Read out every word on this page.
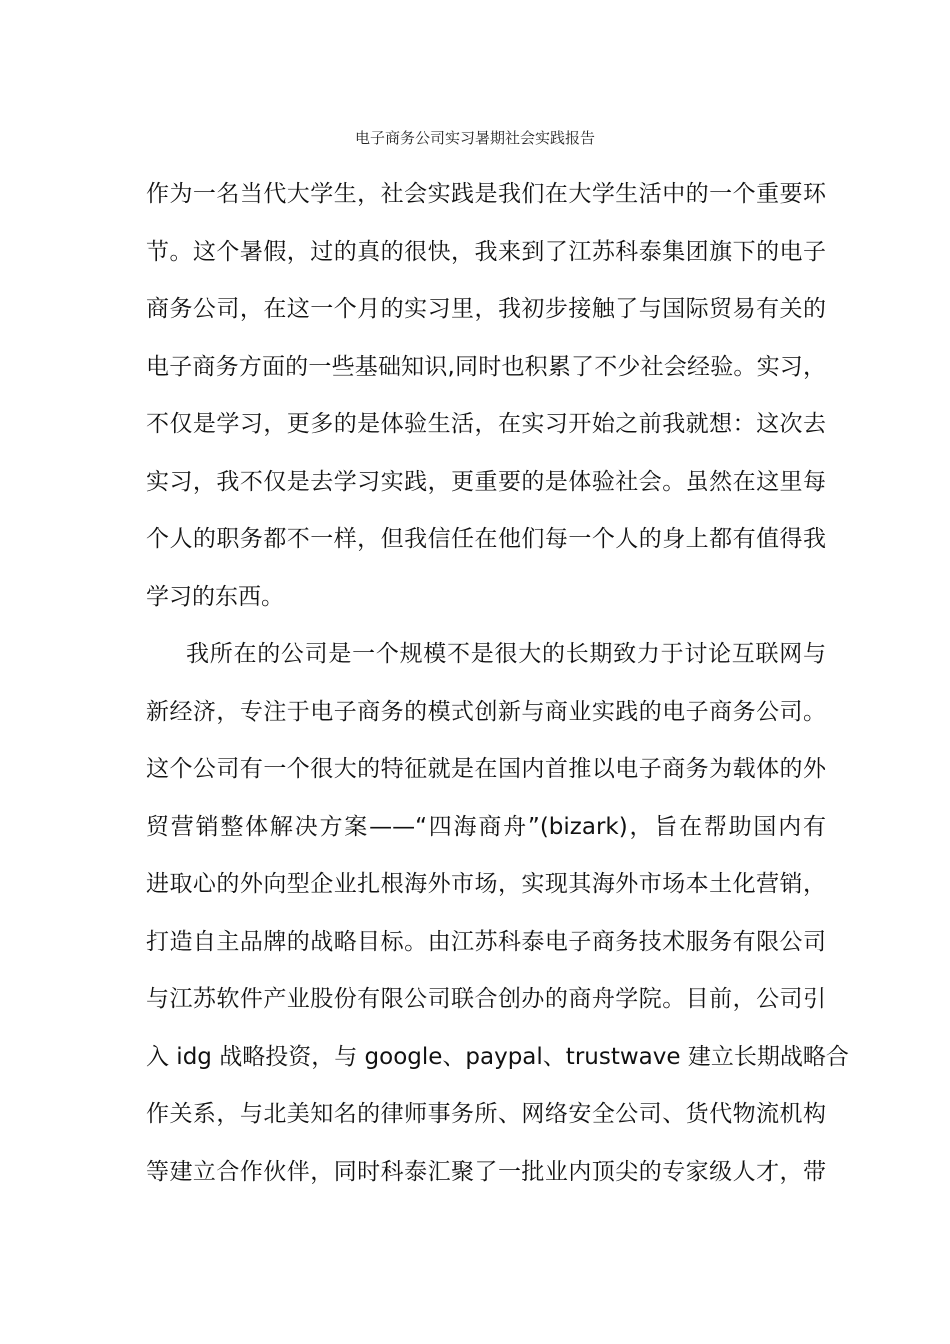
电子商务公司实习暑期社会实践报告
作为一名当代大学生，社会实践是我们在大学生活中的一个重要环
节。这个暑假，过的真的很快，我来到了江苏科泰集团旗下的电子
商务公司，在这一个月的实习里，我初步接触了与国际贸易有关的
电子商务方面的一些基础知识,同时也积累了不少社会经验。实习，
不仅是学习，更多的是体验生活，在实习开始之前我就想：这次去
实习，我不仅是去学习实践，更重要的是体验社会。虽然在这里每
个人的职务都不一样，但我信任在他们每一个人的身上都有值得我
学习的东西。
我所在的公司是一个规模不是很大的长期致力于讨论互联网与
新经济，专注于电子商务的模式创新与商业实践的电子商务公司。
这个公司有一个很大的特征就是在国内首推以电子商务为载体的外
贸营销整体解决方案——“四海商舟”(bizark)，旨在帮助国内有
进取心的外向型企业扎根海外市场，实现其海外市场本土化营销，
打造自主品牌的战略目标。由江苏科泰电子商务技术服务有限公司
与江苏软件产业股份有限公司联合创办的商舟学院。目前，公司引
入 idg 战略投资，与 google、paypal、trustwave 建立长期战略合
作关系，与北美知名的律师事务所、网络安全公司、货代物流机构
等建立合作伙伴，同时科泰汇聚了一批业内顶尖的专家级人才，带
